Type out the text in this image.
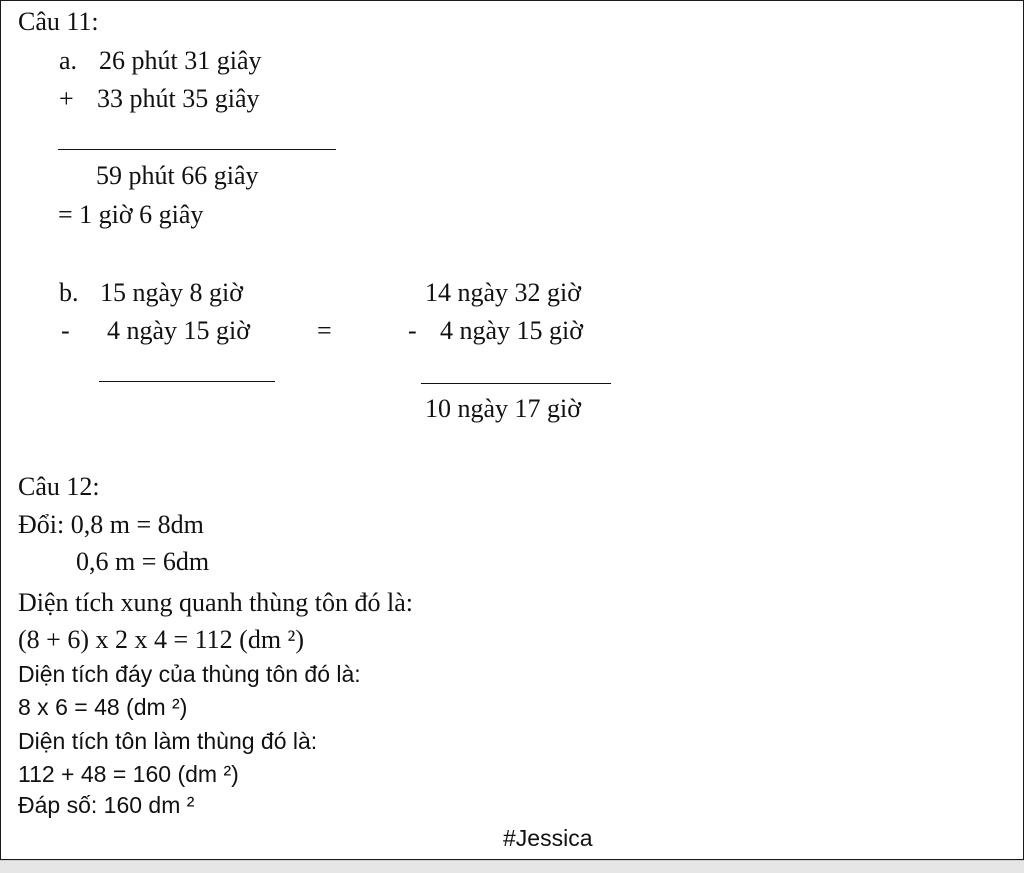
Câu 11:
a. 26 phút 31 giây
+ 33 phút 35 giây
59 phút 66 giây
= 1 giờ 6 giây
b. 15 ngày 8 giờ
- 4 ngày 15 giờ	=
14 ngày 32 giờ
- 4 ngày 15 giờ
10 ngày 17 giờ
Câu 12:
Đổi: 0,8 m = 8dm
0,6 m = 6dm
Diện tích xung quanh thùng tôn đó là:
(8 + 6) x 2 x 4 = 112 (dm ²)
Diện tích đáy của thùng tôn đó là:
8 x 6 = 48 (dm ²)
Diện tích tôn làm thùng đó là:
112 + 48 = 160 (dm ²)
Đáp số: 160 dm ²
#Jessica
